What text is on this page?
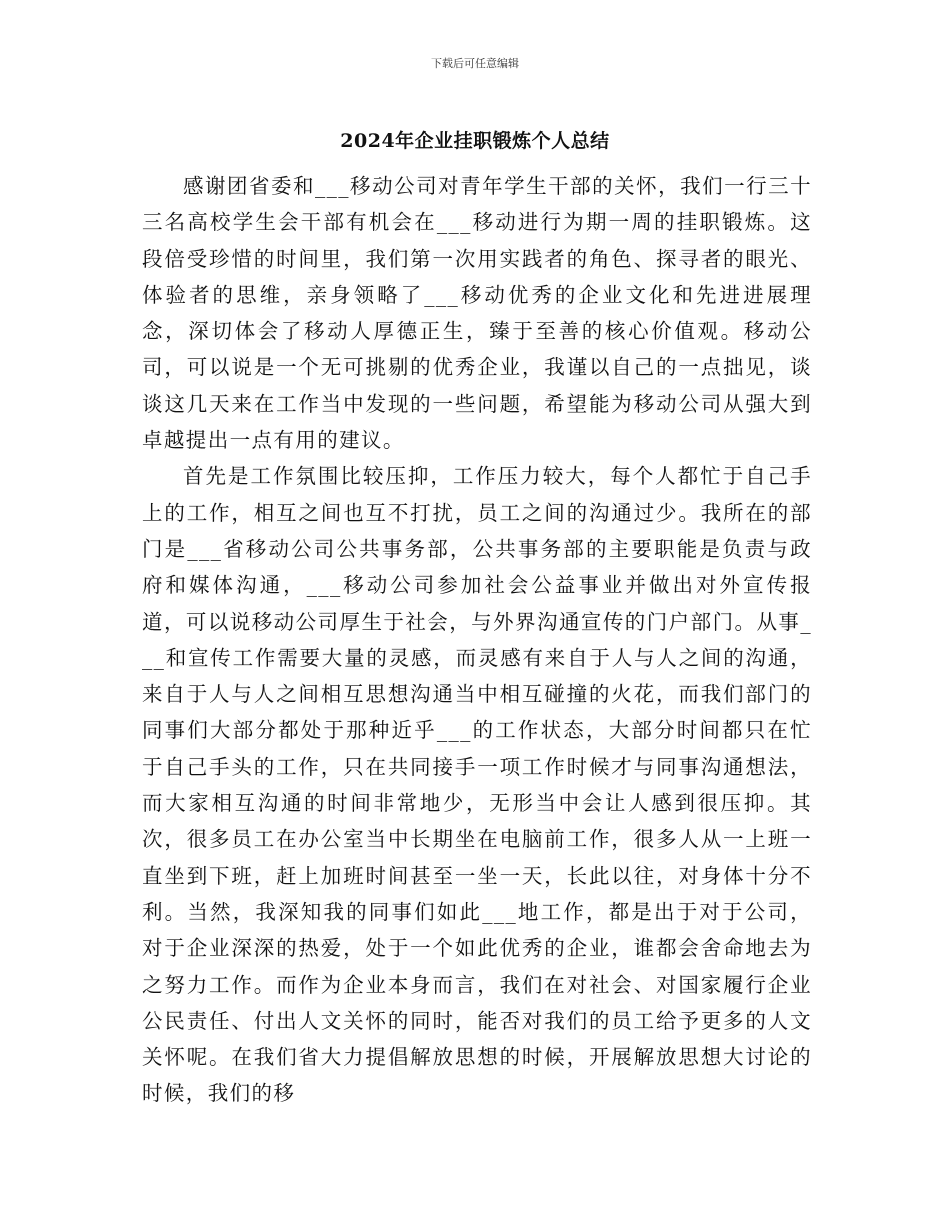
下载后可任意编辑
2024年企业挂职锻炼个人总结

感谢团省委和___移动公司对青年学生干部的关怀，我们一行三十三名高校学生会干部有机会在___移动进行为期一周的挂职锻炼。这段倍受珍惜的时间里，我们第一次用实践者的角色、探寻者的眼光、体验者的思维，亲身领略了___移动优秀的企业文化和先进进展理念，深切体会了移动人厚德正生，臻于至善的核心价值观。移动公司，可以说是一个无可挑剔的优秀企业，我谨以自己的一点拙见，谈谈这几天来在工作当中发现的一些问题，希望能为移动公司从强大到卓越提出一点有用的建议。

首先是工作氛围比较压抑，工作压力较大，每个人都忙于自己手上的工作，相互之间也互不打扰，员工之间的沟通过少。我所在的部门是___省移动公司公共事务部，公共事务部的主要职能是负责与政府和媒体沟通，___移动公司参加社会公益事业并做出对外宣传报道，可以说移动公司厚生于社会，与外界沟通宣传的门户部门。从事___和宣传工作需要大量的灵感，而灵感有来自于人与人之间的沟通，来自于人与人之间相互思想沟通当中相互碰撞的火花，而我们部门的同事们大部分都处于那种近乎___的工作状态，大部分时间都只在忙于自己手头的工作，只在共同接手一项工作时候才与同事沟通想法，而大家相互沟通的时间非常地少，无形当中会让人感到很压抑。其次，很多员工在办公室当中长期坐在电脑前工作，很多人从一上班一直坐到下班，赶上加班时间甚至一坐一天，长此以往，对身体十分不利。当然，我深知我的同事们如此___地工作，都是出于对于公司，对于企业深深的热爱，处于一个如此优秀的企业，谁都会舍命地去为之努力工作。而作为企业本身而言，我们在对社会、对国家履行企业公民责任、付出人文关怀的同时，能否对我们的员工给予更多的人文关怀呢。在我们省大力提倡解放思想的时候，开展解放思想大讨论的时候，我们的移
